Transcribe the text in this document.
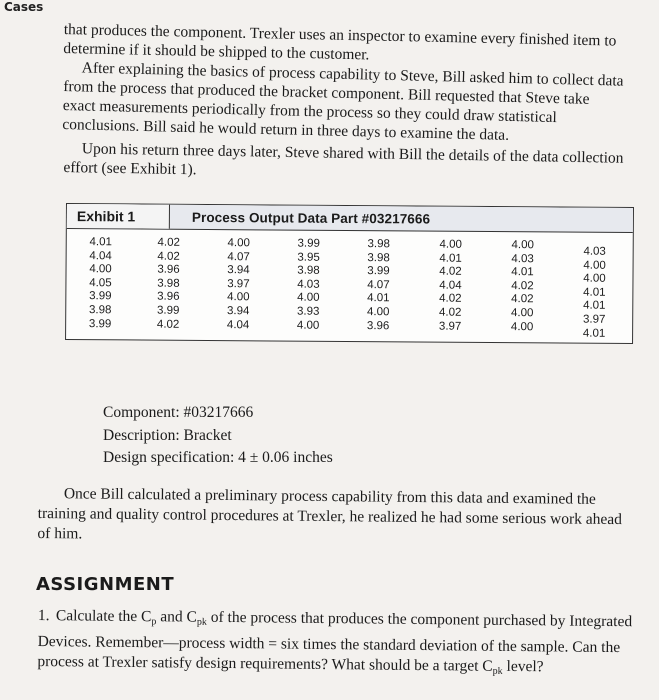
Cases

that produces the component. Trexler uses an inspector to examine every finished item to determine if it should be shipped to the customer.

After explaining the basics of process capability to Steve, Bill asked him to collect data from the process that produced the bracket component. Bill requested that Steve take exact measurements periodically from the process so they could draw statistical conclusions. Bill said he would return in three days to examine the data.

Upon his return three days later, Steve shared with Bill the details of the data collection effort (see Exhibit 1).

Exhibit 1	Process Output Data Part #03217666
4.01
4.04
4.00
4.05
3.99
3.98
3.99
4.02
4.02
3.96
3.98
3.96
3.99
4.02
4.00
4.07
3.94
3.97
4.00
3.94
4.04
3.99
3.95
3.98
4.03
4.00
3.93
4.00
3.98
3.98
3.99
4.07
4.01
4.00
3.96
4.00
4.01
4.02
4.04
4.02
4.02
3.97
4.00
4.03
4.01
4.02
4.02
4.00
4.00
4.03
4.00
4.00
4.01
4.01
3.97
4.01
Component: #03217666
Description: Bracket
Design specification: 4 ± 0.06 inches

Once Bill calculated a preliminary process capability from this data and examined the training and quality control procedures at Trexler, he realized he had some serious work ahead of him.

ASSIGNMENT
1. Calculate the $C_p$ and $C_{pk}$ of the process that produces the component purchased by Integrated Devices. Remember—process width = six times the standard deviation of the sample. Can the process at Trexler satisfy design requirements? What should be a target $C_{pk}$ level?
